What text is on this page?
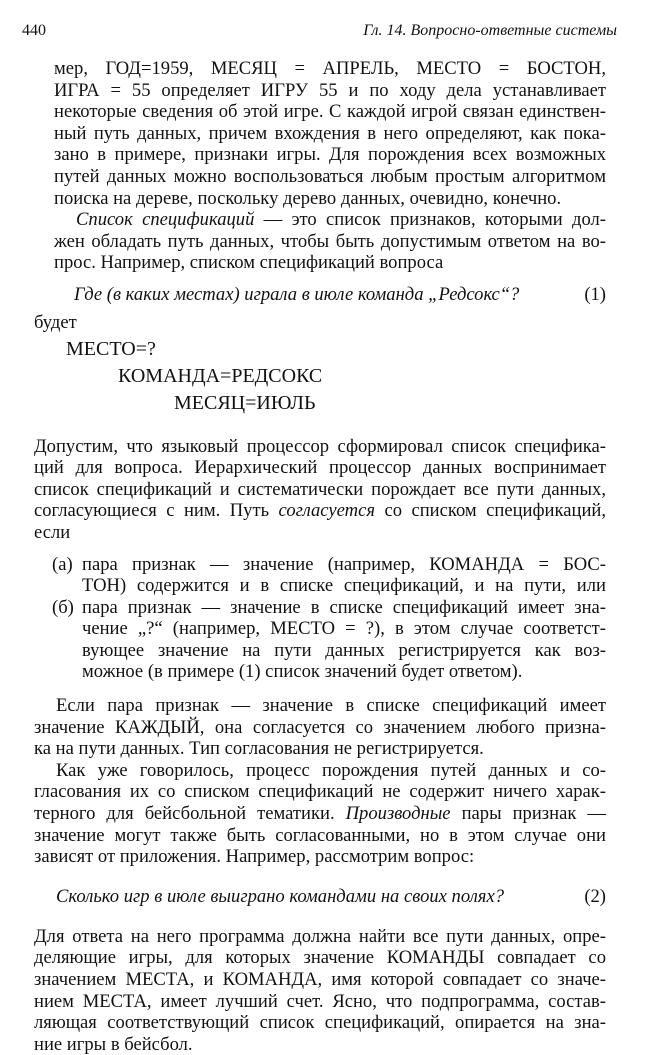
440	Гл. 14. Вопросно-ответные системы
мер, ГОД=1959, МЕСЯЦ = АПРЕЛЬ, МЕСТО = БОСТОН,
ИГРА = 55 определяет ИГРУ 55 и по ходу дела устанавливает
некоторые сведения об этой игре. С каждой игрой связан единствен-
ный путь данных, причем вхождения в него определяют, как пока-
зано в примере, признаки игры. Для порождения всех возможных
путей данных можно воспользоваться любым простым алгоритмом
поиска на дереве, поскольку дерево данных, очевидно, конечно.
Список спецификаций — это список признаков, которыми дол-
жен обладать путь данных, чтобы быть допустимым ответом на во-
прос. Например, списком спецификаций вопроса
Где (в каких местах) играла в июле команда „Редсокс“?	(1)
будет
МЕСТО=?
КОМАНДА=РЕДСОКС
МЕСЯЦ=ИЮЛЬ
Допустим, что языковый процессор сформировал список специфика-
ций для вопроса. Иерархический процессор данных воспринимает
список спецификаций и систематически порождает все пути данных,
согласующиеся с ним. Путь согласуется со списком спецификаций,
если
(а) пара признак — значение (например, КОМАНДА = БОС-
ТОН) содержится и в списке спецификаций, и на пути, или
(б) пара признак — значение в списке спецификаций имеет зна-
чение „?“ (например, МЕСТО = ?), в этом случае соответст-
вующее значение на пути данных регистрируется как воз-
можное (в примере (1) список значений будет ответом).
Если пара признак — значение в списке спецификаций имеет
значение КАЖДЫЙ, она согласуется со значением любого призна-
ка на пути данных. Тип согласования не регистрируется.
Как уже говорилось, процесс порождения путей данных и со-
гласования их со списком спецификаций не содержит ничего харак-
терного для бейсбольной тематики. Производные пары признак —
значение могут также быть согласованными, но в этом случае они
зависят от приложения. Например, рассмотрим вопрос:
Сколько игр в июле выиграно командами на своих полях?	(2)
Для ответа на него программа должна найти все пути данных, опре-
деляющие игры, для которых значение КОМАНДЫ совпадает со
значением МЕСТА, и КОМАНДА, имя которой совпадает со значе-
нием МЕСТА, имеет лучший счет. Ясно, что подпрограмма, состав-
ляющая соответствующий список спецификаций, опирается на зна-
ние игры в бейсбол.
